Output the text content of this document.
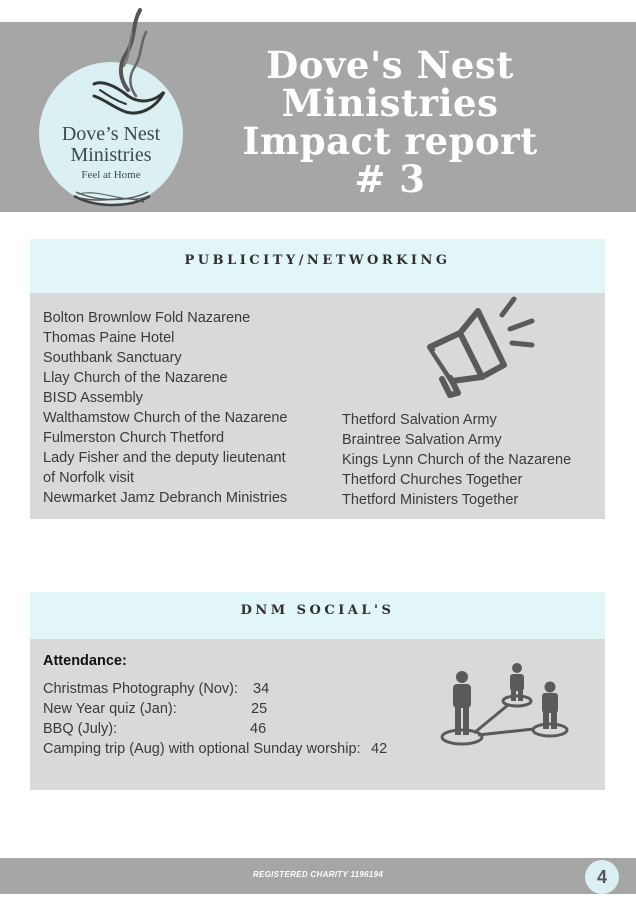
Dove’s Nest
Ministries
Feel at Home
Dove's Nest
Ministries
Impact report
# 3
PUBLICITY/NETWORKING
Bolton Brownlow Fold Nazarene
Thomas Paine Hotel
Southbank Sanctuary
Llay Church of the Nazarene
BISD Assembly
Walthamstow Church of the Nazarene
Fulmerston Church Thetford
Lady Fisher and the deputy lieutenant
of Norfolk visit
Newmarket Jamz Debranch Ministries
Thetford Salvation Army
Braintree Salvation Army
Kings Lynn Church of the Nazarene
Thetford Churches Together
Thetford Ministers Together
DNM SOCIAL'S
Attendance:
Christmas Photography (Nov): 34
New Year quiz (Jan):	25
BBQ (July):	46
Camping trip (Aug) with optional Sunday worship: 42
REGISTERED CHARITY 1196194	4
